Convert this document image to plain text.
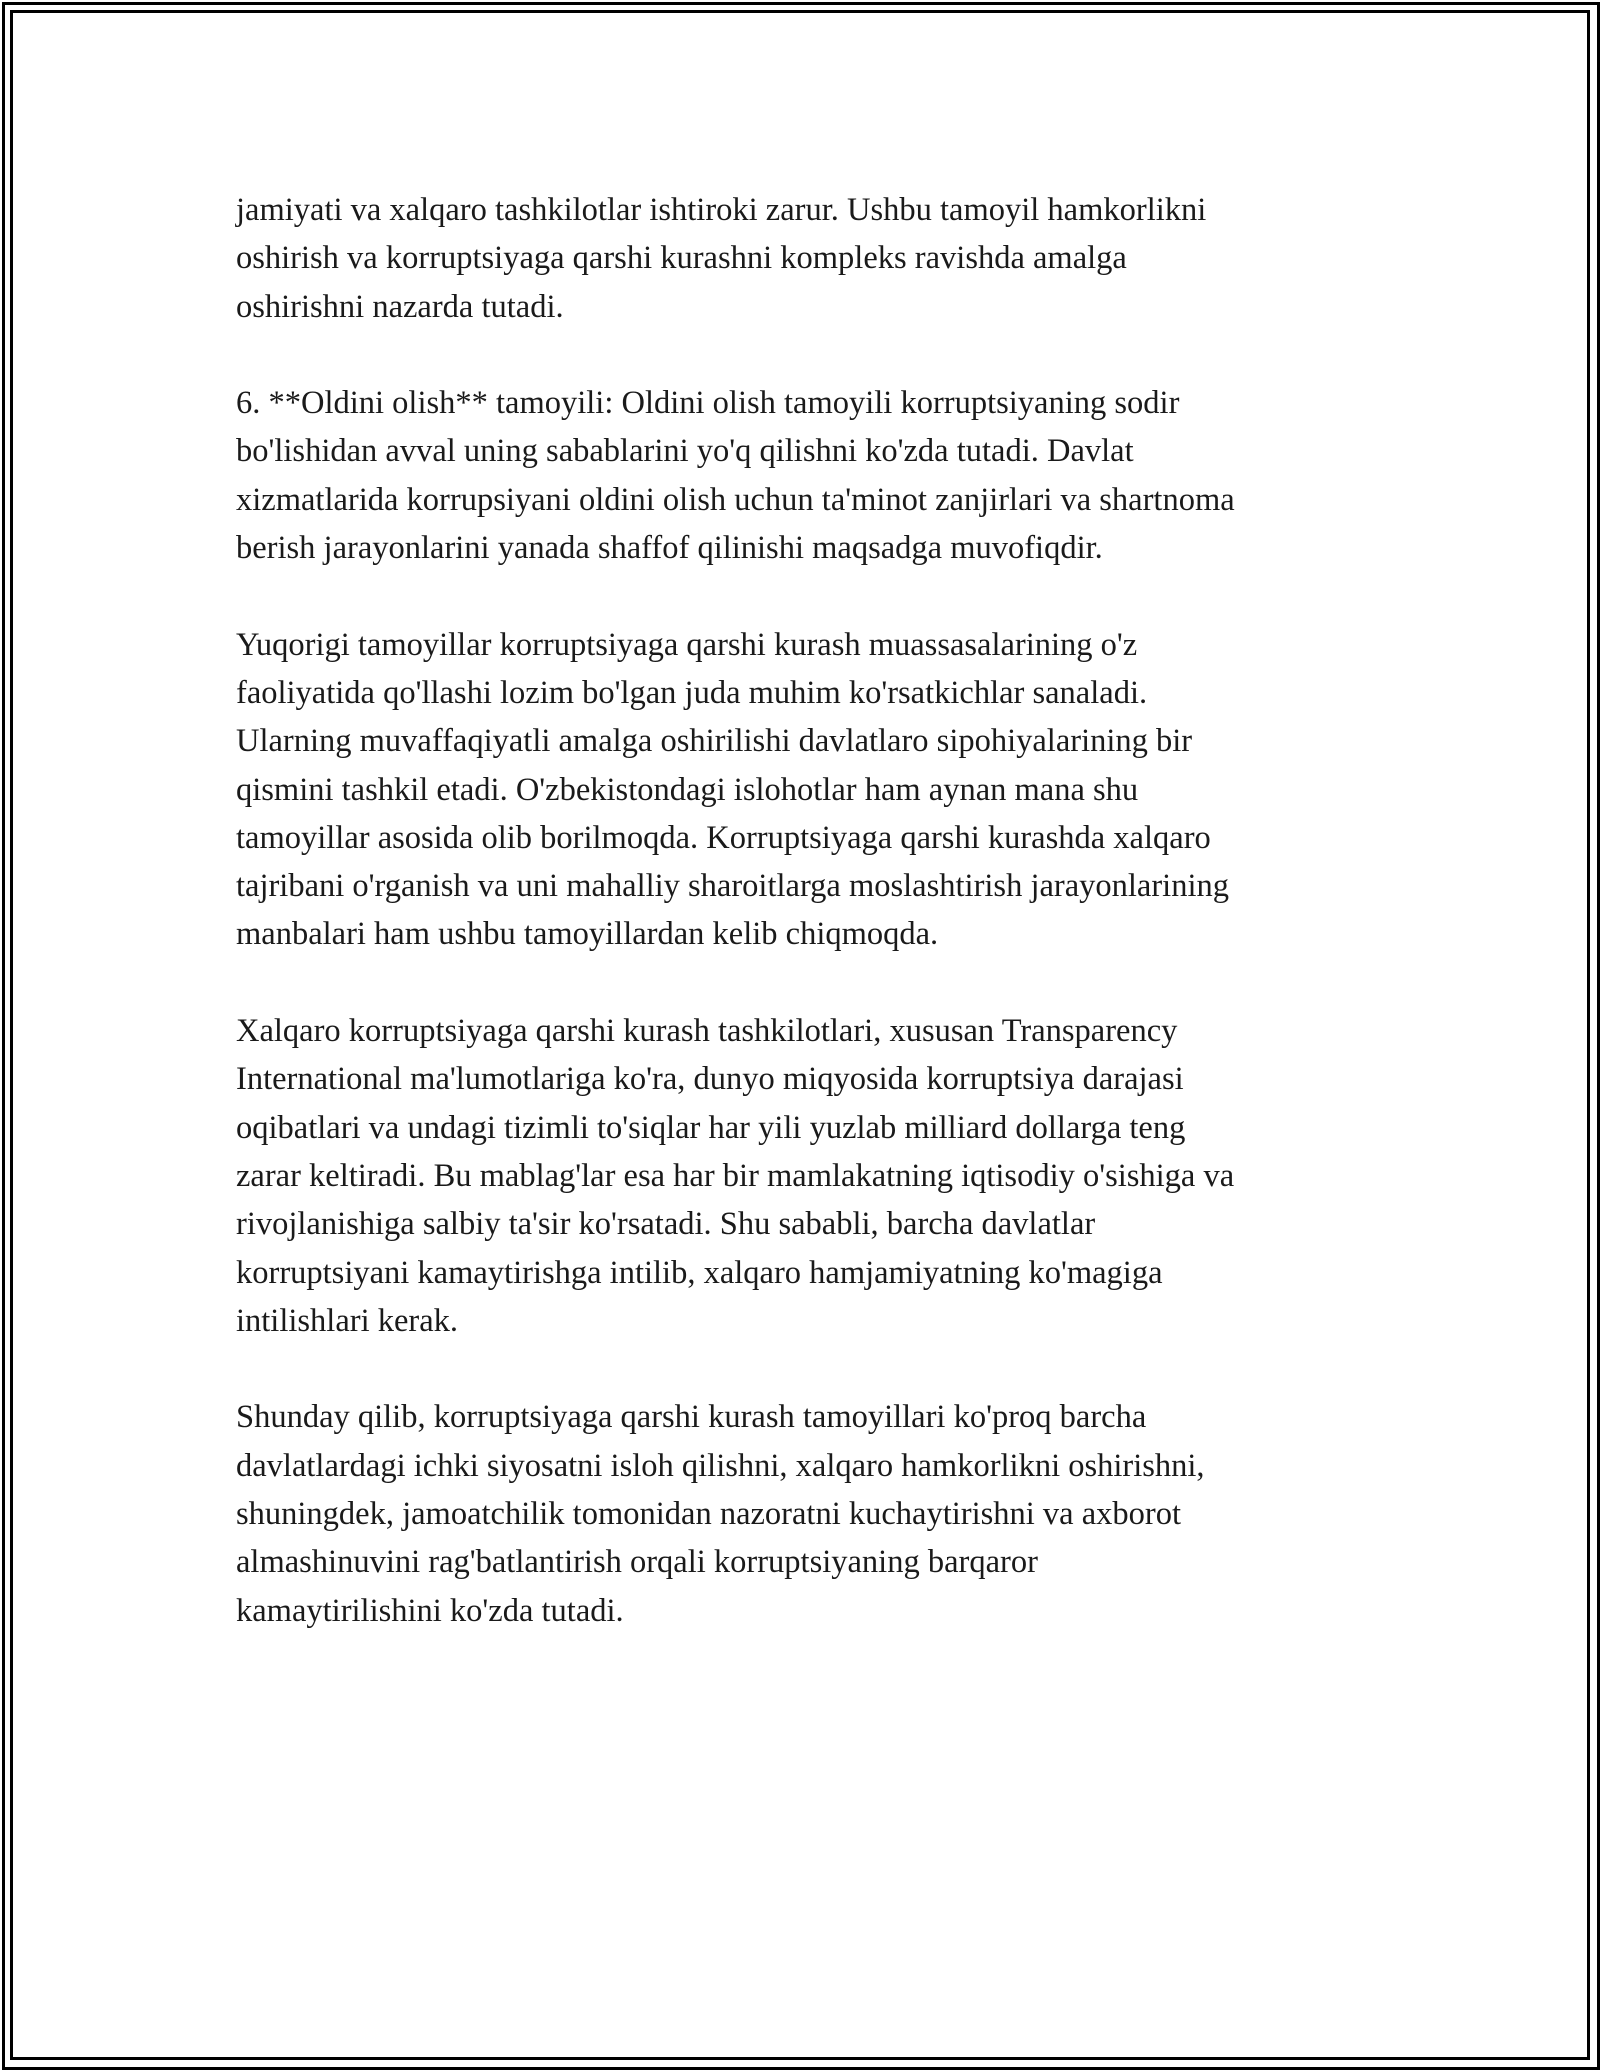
jamiyati va xalqaro tashkilotlar ishtiroki zarur. Ushbu tamoyil hamkorlikni
oshirish va korruptsiyaga qarshi kurashni kompleks ravishda amalga
oshirishni nazarda tutadi.

6. **Oldini olish** tamoyili: Oldini olish tamoyili korruptsiyaning sodir
bo'lishidan avval uning sabablarini yo'q qilishni ko'zda tutadi. Davlat
xizmatlarida korrupsiyani oldini olish uchun ta'minot zanjirlari va shartnoma
berish jarayonlarini yanada shaffof qilinishi maqsadga muvofiqdir.

Yuqorigi tamoyillar korruptsiyaga qarshi kurash muassasalarining o'z
faoliyatida qo'llashi lozim bo'lgan juda muhim ko'rsatkichlar sanaladi.
Ularning muvaffaqiyatli amalga oshirilishi davlatlaro sipohiyalarining bir
qismini tashkil etadi. O'zbekistondagi islohotlar ham aynan mana shu
tamoyillar asosida olib borilmoqda. Korruptsiyaga qarshi kurashda xalqaro
tajribani o'rganish va uni mahalliy sharoitlarga moslashtirish jarayonlarining
manbalari ham ushbu tamoyillardan kelib chiqmoqda.

Xalqaro korruptsiyaga qarshi kurash tashkilotlari, xususan Transparency
International ma'lumotlariga ko'ra, dunyo miqyosida korruptsiya darajasi
oqibatlari va undagi tizimli to'siqlar har yili yuzlab milliard dollarga teng
zarar keltiradi. Bu mablag'lar esa har bir mamlakatning iqtisodiy o'sishiga va
rivojlanishiga salbiy ta'sir ko'rsatadi. Shu sababli, barcha davlatlar
korruptsiyani kamaytirishga intilib, xalqaro hamjamiyatning ko'magiga
intilishlari kerak.

Shunday qilib, korruptsiyaga qarshi kurash tamoyillari ko'proq barcha
davlatlardagi ichki siyosatni isloh qilishni, xalqaro hamkorlikni oshirishni,
shuningdek, jamoatchilik tomonidan nazoratni kuchaytirishni va axborot
almashinuvini rag'batlantirish orqali korruptsiyaning barqaror
kamaytirilishini ko'zda tutadi.
